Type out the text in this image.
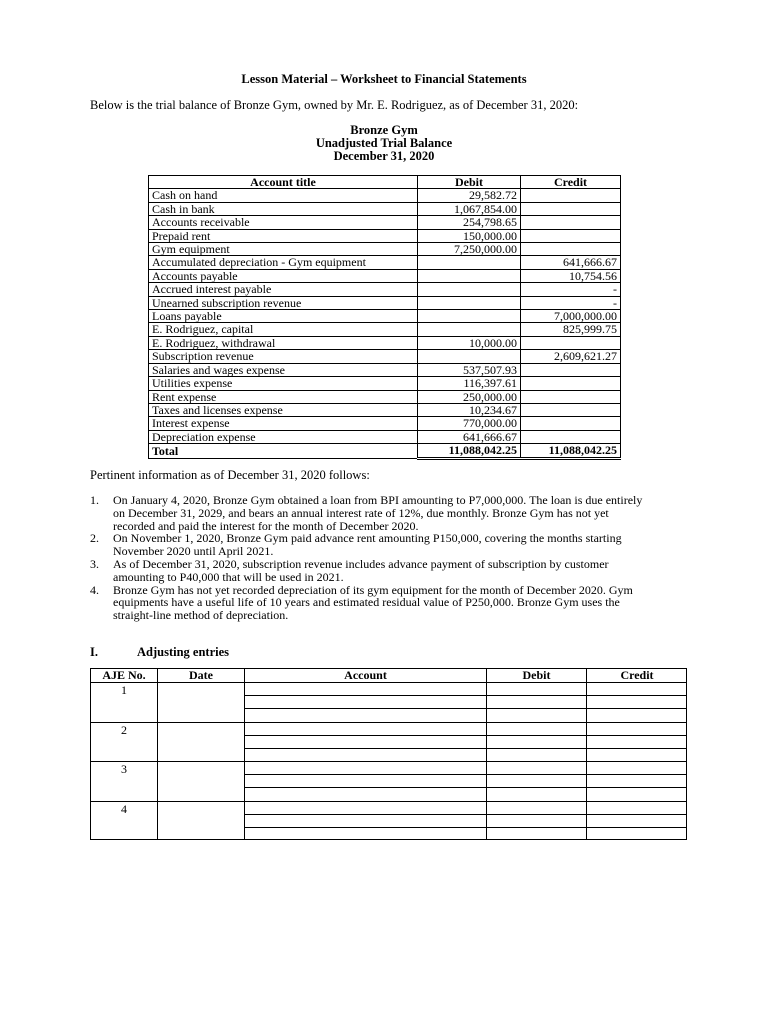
Lesson Material – Worksheet to Financial Statements
Below is the trial balance of Bronze Gym, owned by Mr. E. Rodriguez, as of December 31, 2020:
Bronze Gym
Unadjusted Trial Balance
December 31, 2020
Account title	Debit	Credit
Cash on hand	29,582.72	
Cash in bank	1,067,854.00	
Accounts receivable	254,798.65	
Prepaid rent	150,000.00	
Gym equipment	7,250,000.00	
Accumulated depreciation - Gym equipment		641,666.67
Accounts payable		10,754.56
Accrued interest payable		-
Unearned subscription revenue		-
Loans payable		7,000,000.00
E. Rodriguez, capital		825,999.75
E. Rodriguez, withdrawal	10,000.00	
Subscription revenue		2,609,621.27
Salaries and wages expense	537,507.93	
Utilities expense	116,397.61	
Rent expense	250,000.00	
Taxes and licenses expense	10,234.67	
Interest expense	770,000.00	
Depreciation expense	641,666.67	
Total	11,088,042.25	11,088,042.25
Pertinent information as of December 31, 2020 follows:
1. On January 4, 2020, Bronze Gym obtained a loan from BPI amounting to P7,000,000. The loan is due entirely on December 31, 2029, and bears an annual interest rate of 12%, due monthly. Bronze Gym has not yet recorded and paid the interest for the month of December 2020.
2. On November 1, 2020, Bronze Gym paid advance rent amounting P150,000, covering the months starting November 2020 until April 2021.
3. As of December 31, 2020, subscription revenue includes advance payment of subscription by customer amounting to P40,000 that will be used in 2021.
4. Bronze Gym has not yet recorded depreciation of its gym equipment for the month of December 2020. Gym equipments have a useful life of 10 years and estimated residual value of P250,000. Bronze Gym uses the straight-line method of depreciation.
I.	Adjusting entries
AJE No.	Date	Account	Debit	Credit
1
2
3
4
